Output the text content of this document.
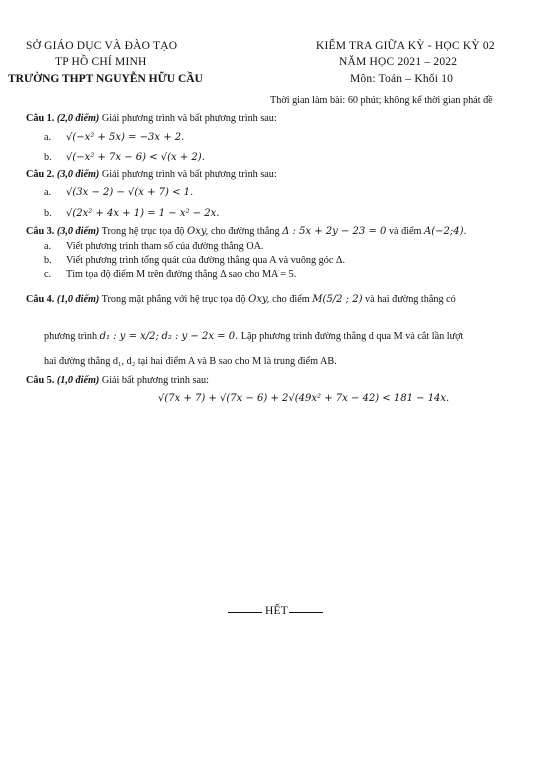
SỞ GIÁO DỤC VÀ ĐÀO TẠO
TP HỒ CHÍ MINH
TRƯỜNG THPT NGUYỄN HỮU CẦU
KIỂM TRA GIỮA KỲ - HỌC KỲ 02
NĂM HỌC 2021 – 2022
Môn: Toán – Khối 10
Thời gian làm bài: 60 phút; không kể thời gian phát đề
Câu 1. (2,0 điểm) Giải phương trình và bất phương trình sau:
a. √(−x² + 5x) = −3x + 2.
b. √(−x² + 7x − 6) < √(x + 2).
Câu 2. (3,0 điểm) Giải phương trình và bất phương trình sau:
a. √(3x − 2) − √(x + 7) < 1.
b. √(2x² + 4x + 1) = 1 − x² − 2x.
Câu 3. (3,0 điểm) Trong hệ trục tọa độ Oxy, cho đường thẳng Δ : 5x + 2y − 23 = 0 và điểm A(−2;4).
a. Viết phương trình tham số của đường thẳng OA.
b. Viết phương trình tổng quát của đường thẳng qua A và vuông góc Δ.
c. Tìm tọa độ điểm M trên đường thẳng Δ sao cho MA = 5.
Câu 4. (1,0 điểm) Trong mặt phẳng với hệ trục tọa độ Oxy, cho điểm M(5/2 ; 2) và hai đường thẳng có
phương trình d₁ : y = x/2; d₂ : y − 2x = 0. Lập phương trình đường thẳng d qua M và cắt lần lượt
hai đường thẳng d₁, d₂ tại hai điểm A và B sao cho M là trung điểm AB.
Câu 5. (1,0 điểm) Giải bất phương trình sau:
√(7x + 7) + √(7x − 6) + 2√(49x² + 7x − 42) < 181 − 14x.
HẾT
